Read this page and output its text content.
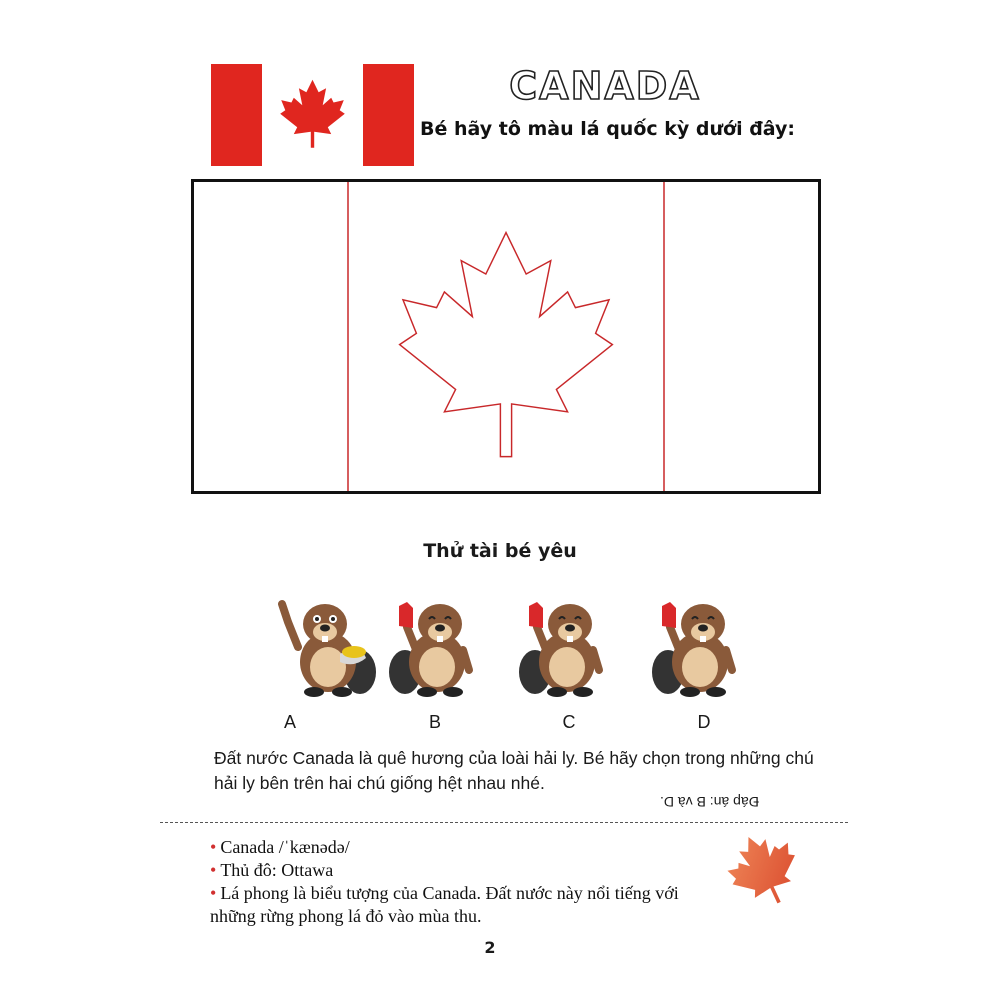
CANADA
Bé hãy tô màu lá quốc kỳ dưới đây:
Thử tài bé yêu
A	B	C	D
Đất nước Canada là quê hương của loài hải ly. Bé hãy chọn trong những chú hải ly bên trên hai chú giống hệt nhau nhé.
Đáp án: B và D.
• Canada /ˈkænədə/
• Thủ đô: Ottawa
• Lá phong là biểu tượng của Canada. Đất nước này nổi tiếng với những rừng phong lá đỏ vào mùa thu.
2
